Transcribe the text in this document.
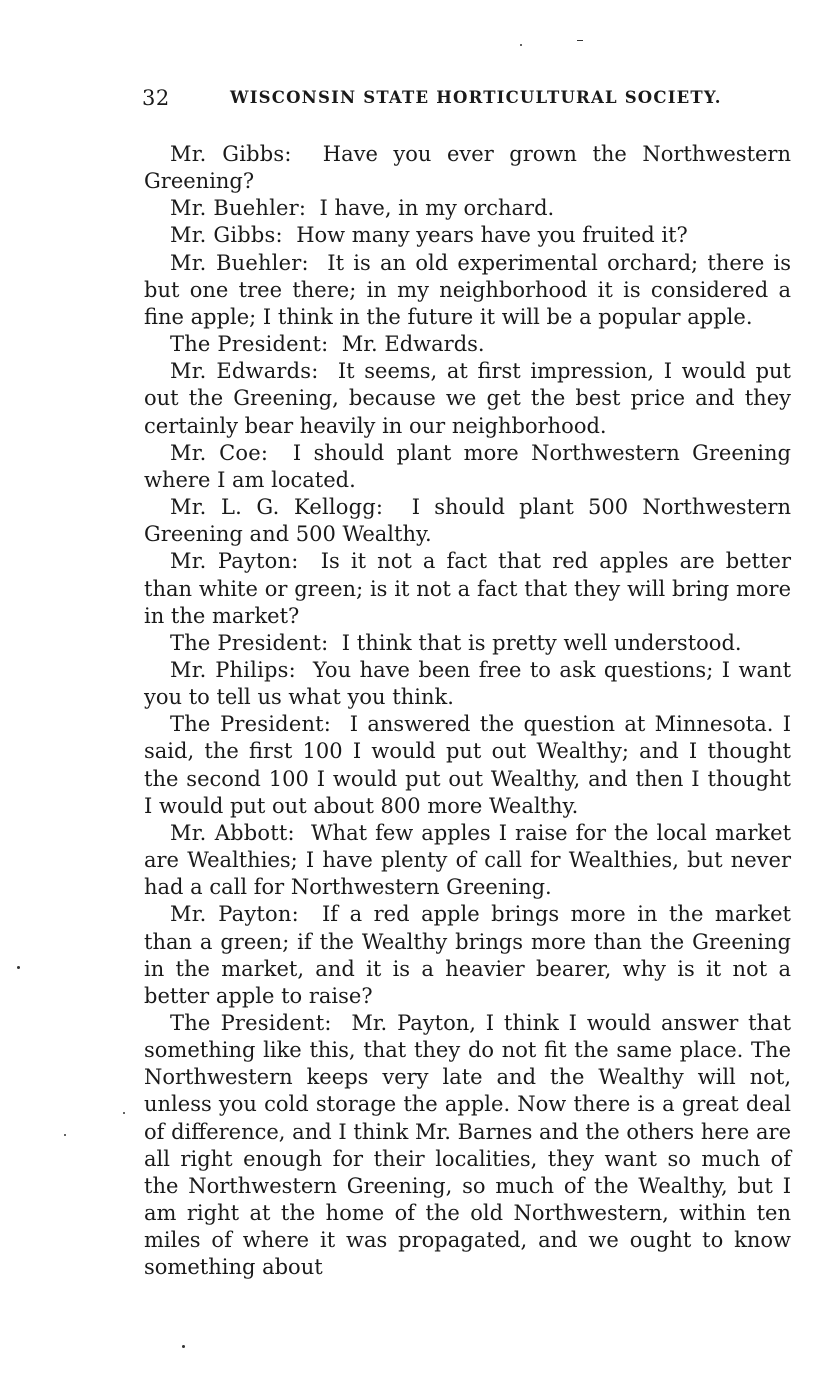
32	WISCONSIN STATE HORTICULTURAL SOCIETY.

Mr. Gibbs: Have you ever grown the Northwestern Greening?

Mr. Buehler: I have, in my orchard.

Mr. Gibbs: How many years have you fruited it?

Mr. Buehler: It is an old experimental orchard; there is but one tree there; in my neighborhood it is considered a fine apple; I think in the future it will be a popular apple.

The President: Mr. Edwards.

Mr. Edwards: It seems, at first impression, I would put out the Greening, because we get the best price and they certainly bear heavily in our neighborhood.

Mr. Coe: I should plant more Northwestern Greening where I am located.

Mr. L. G. Kellogg: I should plant 500 Northwestern Greening and 500 Wealthy.

Mr. Payton: Is it not a fact that red apples are better than white or green; is it not a fact that they will bring more in the market?

The President: I think that is pretty well understood.

Mr. Philips: You have been free to ask questions; I want you to tell us what you think.

The President: I answered the question at Minnesota. I said, the first 100 I would put out Wealthy; and I thought the second 100 I would put out Wealthy, and then I thought I would put out about 800 more Wealthy.

Mr. Abbott: What few apples I raise for the local market are Wealthies; I have plenty of call for Wealthies, but never had a call for Northwestern Greening.

Mr. Payton: If a red apple brings more in the market than a green; if the Wealthy brings more than the Greening in the market, and it is a heavier bearer, why is it not a better apple to raise?

The President: Mr. Payton, I think I would answer that something like this, that they do not fit the same place. The Northwestern keeps very late and the Wealthy will not, unless you cold storage the apple. Now there is a great deal of difference, and I think Mr. Barnes and the others here are all right enough for their localities, they want so much of the Northwestern Greening, so much of the Wealthy, but I am right at the home of the old Northwestern, within ten miles of where it was propagated, and we ought to know something about
